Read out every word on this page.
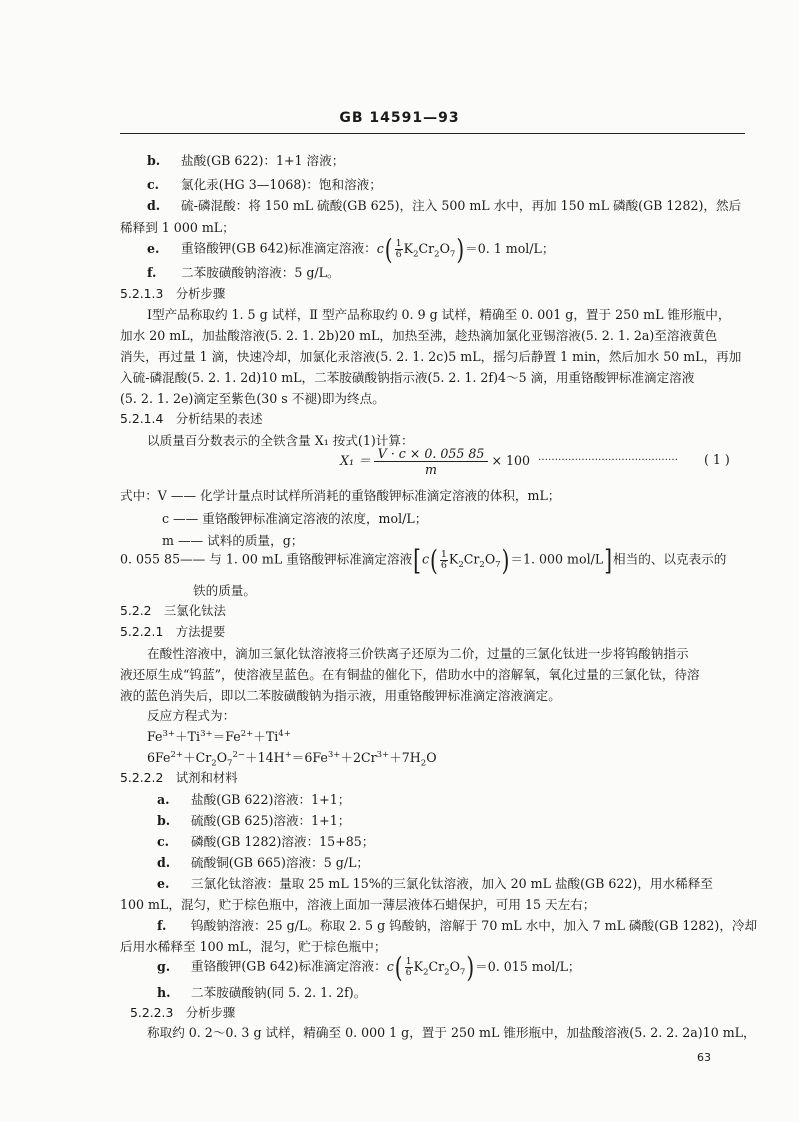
GB 14591—93
b. 盐酸(GB 622)：1+1 溶液；
c. 氯化汞(HG 3—1068)：饱和溶液；
d. 硫-磷混酸：将 150 mL 硫酸(GB 625)，注入 500 mL 水中，再加 150 mL 磷酸(GB 1282)，然后
稀释到 1 000 mL；
e. 重铬酸钾(GB 642)标准滴定溶液：$c( \frac{1}{6} K_2Cr_2O_7)=0$. 1 mol/L；
f. 二苯胺磺酸钠溶液：5 g/L。
5.2.1.3　分析步骤
Ⅰ型产品称取约 1. 5 g 试样，Ⅱ 型产品称取约 0. 9 g 试样，精确至 0. 001 g，置于 250 mL 锥形瓶中，
加水 20 mL，加盐酸溶液(5. 2. 1. 2b)20 mL，加热至沸，趁热滴加氯化亚锡溶液(5. 2. 1. 2a)至溶液黄色
消失，再过量 1 滴，快速冷却，加氯化汞溶液(5. 2. 1. 2c)5 mL，摇匀后静置 1 min，然后加水 50 mL，再加
入硫-磷混酸(5. 2. 1. 2d)10 mL，二苯胺磺酸钠指示液(5. 2. 1. 2f)4～5 滴，用重铬酸钾标准滴定溶液
(5. 2. 1. 2e)滴定至紫色(30 s 不褪)即为终点。
5.2.1.4　分析结果的表述
以质量百分数表示的全铁含量 X₁ 按式(1)计算：
$X_1 = \frac{V \cdot c \times 0. 055 85}{m} \times 100$ …………………………………… ( 1 )
式中：V —— 化学计量点时试样所消耗的重铬酸钾标准滴定溶液的体积，mL；
c —— 重铬酸钾标准滴定溶液的浓度，mol/L；
m —— 试料的质量，g；
0. 055 85—— 与 1. 00 mL 重铬酸钾标准滴定溶液[$c( \frac{1}{6} K_2Cr_2O_7)=1$. 000 mol/L]相当的、以克表示的
铁的质量。
5.2.2　三氯化钛法
5.2.2.1　方法提要
在酸性溶液中，滴加三氯化钛溶液将三价铁离子还原为二价，过量的三氯化钛进一步将钨酸钠指示
液还原生成“钨蓝”，使溶液呈蓝色。在有铜盐的催化下，借助水中的溶解氧，氧化过量的三氯化钛，待溶
液的蓝色消失后，即以二苯胺磺酸钠为指示液，用重铬酸钾标准滴定溶液滴定。
反应方程式为：
$Fe^{3+}+Ti^{3+}=Fe^{2+}+Ti^{4+}$
$6Fe^{2+}+Cr_2O_7^{2-}+14H^+=6Fe^{3+}+2Cr^{3+}+7H_2O$
5.2.2.2　试剂和材料
a. 盐酸(GB 622)溶液：1+1；
b. 硫酸(GB 625)溶液：1+1；
c. 磷酸(GB 1282)溶液：15+85；
d. 硫酸铜(GB 665)溶液：5 g/L；
e. 三氯化钛溶液：量取 25 mL 15%的三氯化钛溶液，加入 20 mL 盐酸(GB 622)，用水稀释至
100 mL，混匀，贮于棕色瓶中，溶液上面加一薄层液体石蜡保护，可用 15 天左右；
f. 钨酸钠溶液：25 g/L。称取 2. 5 g 钨酸钠，溶解于 70 mL 水中，加入 7 mL 磷酸(GB 1282)，冷却
后用水稀释至 100 mL，混匀，贮于棕色瓶中；
g. 重铬酸钾(GB 642)标准滴定溶液：$c( \frac{1}{6} K_2Cr_2O_7)=0$. 015 mol/L；
h. 二苯胺磺酸钠(同 5. 2. 1. 2f)。
5.2.2.3　分析步骤
称取约 0. 2～0. 3 g 试样，精确至 0. 000 1 g，置于 250 mL 锥形瓶中，加盐酸溶液(5. 2. 2. 2a)10 mL，
63
